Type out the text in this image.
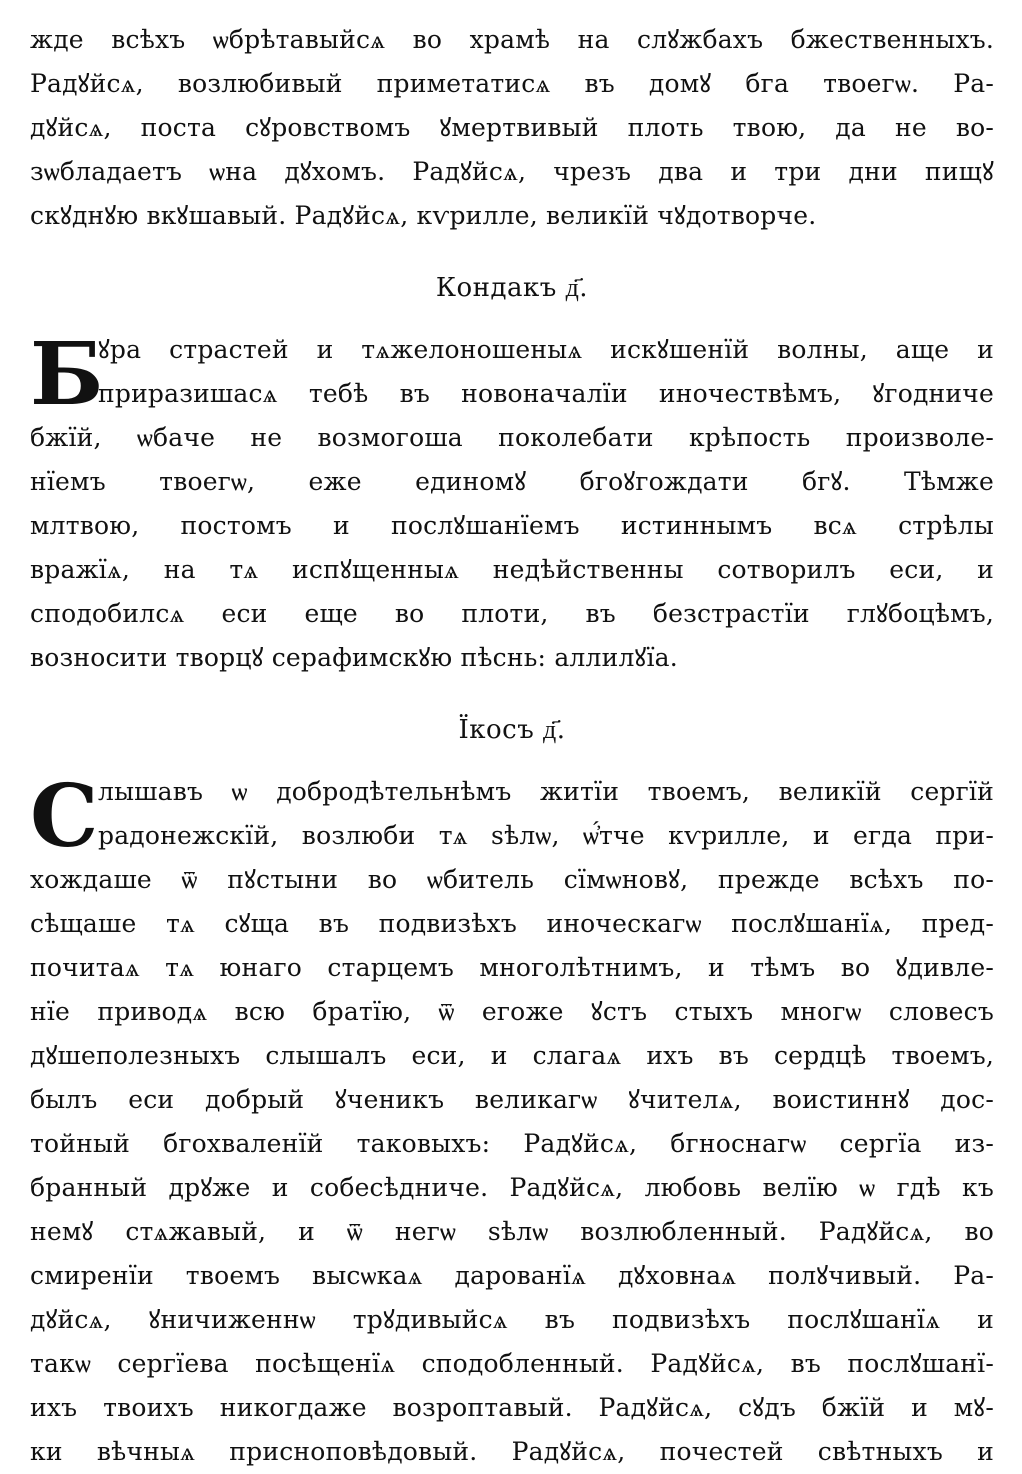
жде всѣхъ ѡбрѣтавыйсѧ во храмѣ на слꙋжбахъ бжественныхъ.
Радꙋйсѧ, возлюбивый приметатисѧ въ домꙋ бга твоегѡ. Ра-
дꙋйсѧ, поста сꙋровствомъ ꙋмертвивый плоть твою, да не во-
зѡбладаетъ ѡна дꙋхомъ. Радꙋйсѧ, чрезъ два и три дни пищꙋ
скꙋднꙋю вкꙋшавый. Радꙋйсѧ, кѵрилле, великїй чꙋдотворче.
Кондакъ д҃.
Б
ꙋра страстей и тѧжелоношеныѧ искꙋшенїй волны, аще и
приразишасѧ тебѣ въ новоначалїи иночествѣмъ, ꙋгодниче
бжїй, ѡбаче не возмогоша поколебати крѣпость произволе-
нїемъ твоегѡ, еже единомꙋ бгоꙋгождати бгꙋ. Тѣмже
млтвою, постомъ и послꙋшанїемъ истиннымъ всѧ стрѣлы
вражїѧ, на тѧ испꙋщенныѧ недѣйственны сотворилъ еси, и
сподобилсѧ еси еще во плоти, въ безстрастїи глꙋбоцѣмъ,
возносити творцꙋ серафимскꙋю пѣснь: аллилꙋїа.
Їкосъ д҃.
С лышавъ ѡ добродѣтельнѣмъ житїи твоемъ, великїй сергїй
радонежскїй, возлюби тѧ ѕѣлѡ, ѡ҆́тче кѵрилле, и егда при-
хождаше ѿ пꙋстыни во ѡбитель сїмѡновꙋ, прежде всѣхъ по-
сѣщаше тѧ сꙋща въ подвизѣхъ иноческагѡ послꙋшанїѧ, пред-
почитаѧ тѧ юнаго старцемъ многолѣтнимъ, и тѣмъ во ꙋдивле-
нїе приводѧ всю братїю, ѿ егоже ꙋстъ стыхъ многѡ словесъ
дꙋшеполезныхъ слышалъ еси, и слагаѧ ихъ въ сердцѣ твоемъ,
былъ еси добрый ꙋченикъ великагѡ ꙋчителѧ, воистиннꙋ дос-
тойный бгохваленїй таковыхъ: Радꙋйсѧ, бгноснагѡ сергїа из-
бранный дрꙋже и собесѣдниче. Радꙋйсѧ, любовь велїю ѡ гдѣ къ
немꙋ стѧжавый, и ѿ негѡ ѕѣлѡ возлюбленный. Радꙋйсѧ, во
смиренїи твоемъ высѡкаѧ дарованїѧ дꙋховнаѧ полꙋчивый. Ра-
дꙋйсѧ, ꙋничиженнѡ трꙋдивыйсѧ въ подвизѣхъ послꙋшанїѧ и
такѡ сергїева посѣщенїѧ сподобленный. Радꙋйсѧ, въ послꙋшанї-
ихъ твоихъ никогдаже возроптавый. Радꙋйсѧ, сꙋдъ бжїй и мꙋ-
ки вѣчныѧ присноповѣдовый. Радꙋйсѧ, почестей свѣтныхъ и
